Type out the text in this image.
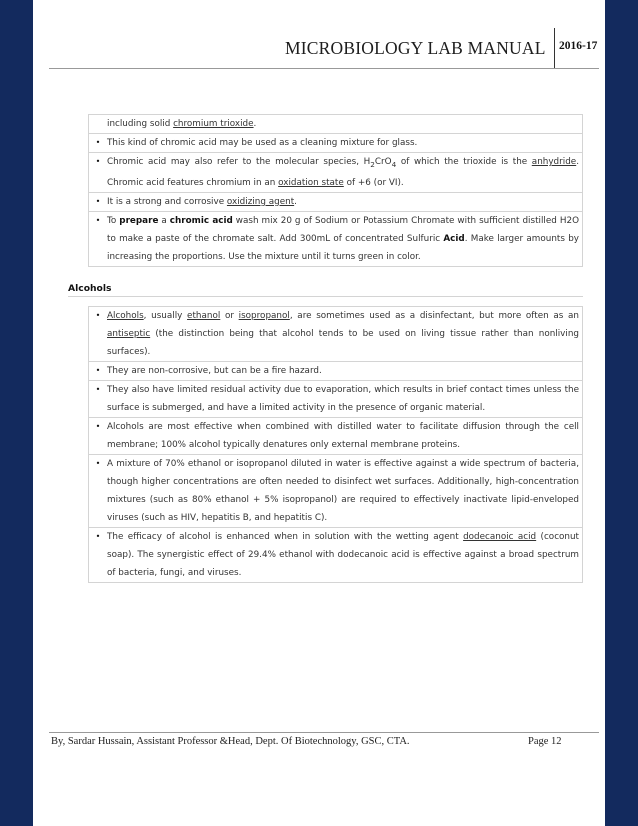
MICROBIOLOGY LAB MANUAL 2016-17
including solid chromium trioxide.
• This kind of chromic acid may be used as a cleaning mixture for glass.
• Chromic acid may also refer to the molecular species, $H_2CrO_4$ of which the trioxide is the anhydride. Chromic acid features chromium in an oxidation state of +6 (or VI).
• It is a strong and corrosive oxidizing agent.
• To prepare a chromic acid wash mix 20 g of Sodium or Potassium Chromate with sufficient distilled H2O to make a paste of the chromate salt. Add 300mL of concentrated Sulfuric Acid. Make larger amounts by increasing the proportions. Use the mixture until it turns green in color.
Alcohols
• Alcohols, usually ethanol or isopropanol, are sometimes used as a disinfectant, but more often as an antiseptic (the distinction being that alcohol tends to be used on living tissue rather than nonliving surfaces).
• They are non-corrosive, but can be a fire hazard.
• They also have limited residual activity due to evaporation, which results in brief contact times unless the surface is submerged, and have a limited activity in the presence of organic material.
• Alcohols are most effective when combined with distilled water to facilitate diffusion through the cell membrane; 100% alcohol typically denatures only external membrane proteins.
• A mixture of 70% ethanol or isopropanol diluted in water is effective against a wide spectrum of bacteria, though higher concentrations are often needed to disinfect wet surfaces. Additionally, high-concentration mixtures (such as 80% ethanol + 5% isopropanol) are required to effectively inactivate lipid-enveloped viruses (such as HIV, hepatitis B, and hepatitis C).
• The efficacy of alcohol is enhanced when in solution with the wetting agent dodecanoic acid (coconut soap). The synergistic effect of 29.4% ethanol with dodecanoic acid is effective against a broad spectrum of bacteria, fungi, and viruses.
By, Sardar Hussain, Assistant Professor &Head, Dept. Of Biotechnology, GSC, CTA.	Page 12
